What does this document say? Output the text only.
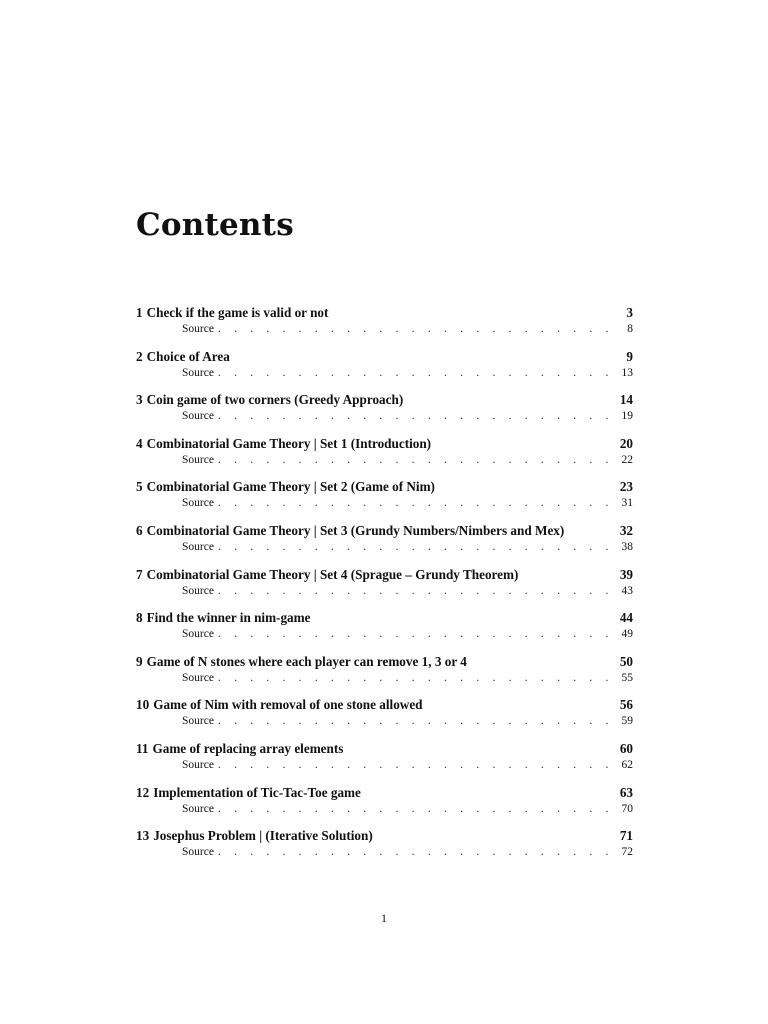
Contents
1 Check if the game is valid or not	3
Source . . .	8
2 Choice of Area	9
Source . . .	13
3 Coin game of two corners (Greedy Approach)	14
Source . . .	19
4 Combinatorial Game Theory | Set 1 (Introduction)	20
Source . . .	22
5 Combinatorial Game Theory | Set 2 (Game of Nim)	23
Source . . .	31
6 Combinatorial Game Theory | Set 3 (Grundy Numbers/Nimbers and Mex)	32
Source . . .	38
7 Combinatorial Game Theory | Set 4 (Sprague – Grundy Theorem)	39
Source . . .	43
8 Find the winner in nim-game	44
Source . . .	49
9 Game of N stones where each player can remove 1, 3 or 4	50
Source . . .	55
10 Game of Nim with removal of one stone allowed	56
Source . . .	59
11 Game of replacing array elements	60
Source . . .	62
12 Implementation of Tic-Tac-Toe game	63
Source . . .	70
13 Josephus Problem | (Iterative Solution)	71
Source . . .	72
1
